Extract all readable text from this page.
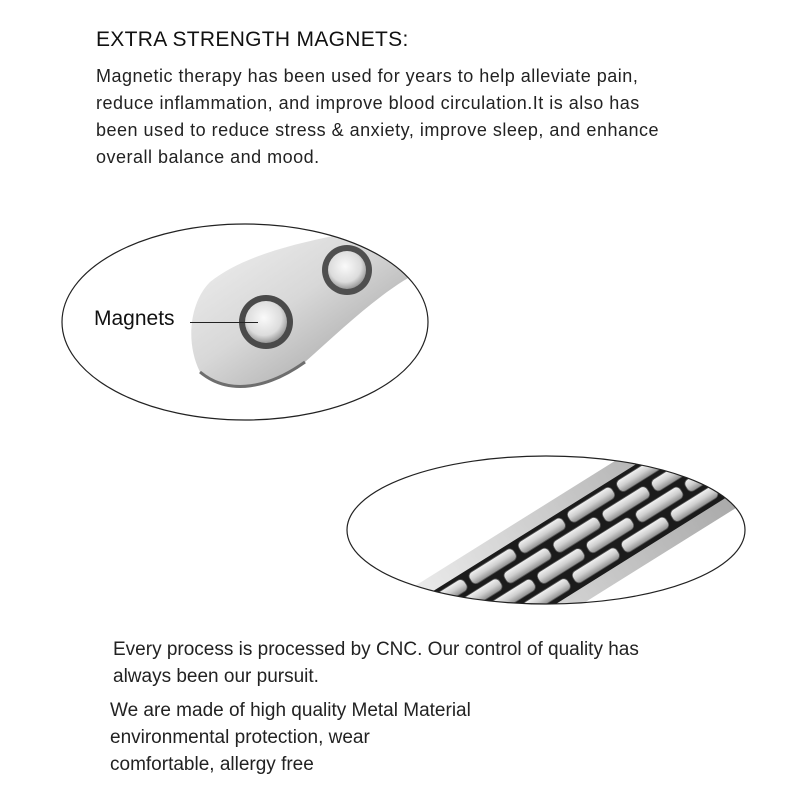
EXTRA STRENGTH MAGNETS:
Magnetic therapy has been used for years to help alleviate pain,
reduce inflammation, and improve blood circulation.It is also has
been used to reduce stress & anxiety, improve sleep, and enhance
overall balance and mood.
Magnets
Every process is processed by CNC. Our control of quality has
always been our pursuit.
We are made of high quality Metal Material
environmental protection, wear
comfortable, allergy free
